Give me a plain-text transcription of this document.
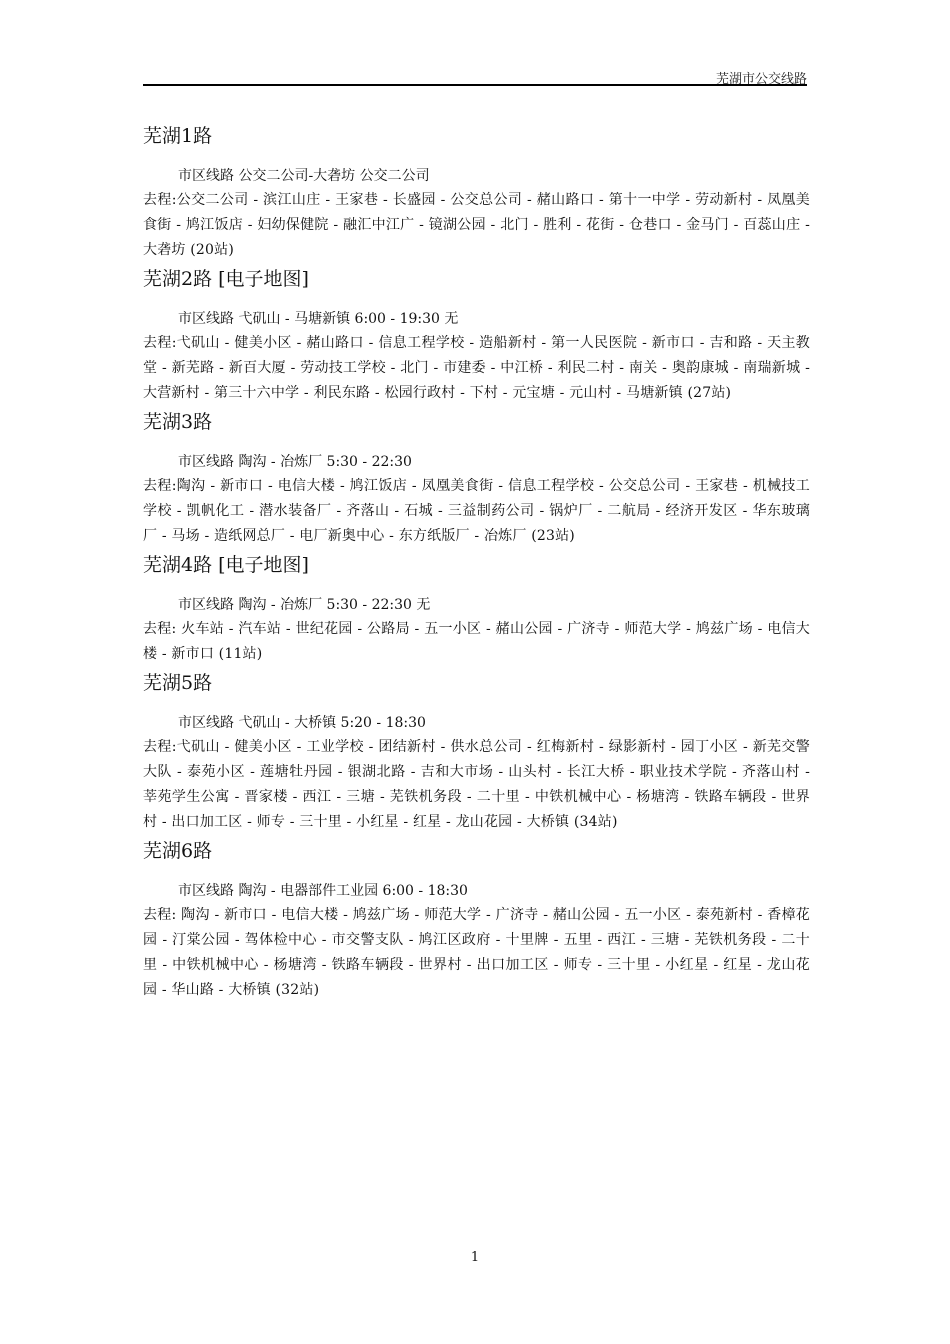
芜湖市公交线路
芜湖1路

市区线路 公交二公司-大砻坊 公交二公司

去程:公交二公司 - 滨江山庄 - 王家巷 - 长盛园 - 公交总公司 - 赭山路口 - 第十一中学 - 劳动新村 - 凤凰美食街 - 鸠江饭店 - 妇幼保健院 - 融汇中江广 - 镜湖公园 - 北门 - 胜利 - 花街 - 仓巷口 - 金马门 - 百蕊山庄 - 大砻坊 (20站)

芜湖2路 [电子地图]

市区线路 弋矶山 - 马塘新镇 6:00 - 19:30 无

去程:弋矶山 - 健美小区 - 赭山路口 - 信息工程学校 - 造船新村 - 第一人民医院 - 新市口 - 吉和路 - 天主教堂 - 新芜路 - 新百大厦 - 劳动技工学校 - 北门 - 市建委 - 中江桥 - 利民二村 - 南关 - 奥韵康城 - 南瑞新城 - 大营新村 - 第三十六中学 - 利民东路 - 松园行政村 - 下村 - 元宝塘 - 元山村 - 马塘新镇 (27站)

芜湖3路

市区线路 陶沟 - 冶炼厂 5:30 - 22:30

去程:陶沟 - 新市口 - 电信大楼 - 鸠江饭店 - 凤凰美食街 - 信息工程学校 - 公交总公司 - 王家巷 - 机械技工学校 - 凯帆化工 - 潜水装备厂 - 齐落山 - 石城 - 三益制药公司 - 锅炉厂 - 二航局 - 经济开发区 - 华东玻璃厂 - 马场 - 造纸网总厂 - 电厂新奥中心 - 东方纸版厂 - 冶炼厂 (23站)

芜湖4路 [电子地图]

市区线路 陶沟 - 冶炼厂 5:30 - 22:30 无

去程: 火车站 - 汽车站 - 世纪花园 - 公路局 - 五一小区 - 赭山公园 - 广济寺 - 师范大学 - 鸠兹广场 - 电信大楼 - 新市口 (11站)

芜湖5路

市区线路 弋矶山 - 大桥镇 5:20 - 18:30

去程:弋矶山 - 健美小区 - 工业学校 - 团结新村 - 供水总公司 - 红梅新村 - 绿影新村 - 园丁小区 - 新芜交警大队 - 泰苑小区 - 莲塘牡丹园 - 银湖北路 - 吉和大市场 - 山头村 - 长江大桥 - 职业技术学院 - 齐落山村 - 莘苑学生公寓 - 晋家楼 - 西江 - 三塘 - 芜铁机务段 - 二十里 - 中铁机械中心 - 杨塘湾 - 铁路车辆段 - 世界村 - 出口加工区 - 师专 - 三十里 - 小红星 - 红星 - 龙山花园 - 大桥镇 (34站)

芜湖6路

市区线路 陶沟 - 电器部件工业园 6:00 - 18:30

去程: 陶沟 - 新市口 - 电信大楼 - 鸠兹广场 - 师范大学 - 广济寺 - 赭山公园 - 五一小区 - 泰苑新村 - 香樟花园 - 汀棠公园 - 驾体检中心 - 市交警支队 - 鸠江区政府 - 十里牌 - 五里 - 西江 - 三塘 - 芜铁机务段 - 二十里 - 中铁机械中心 - 杨塘湾 - 铁路车辆段 - 世界村 - 出口加工区 - 师专 - 三十里 - 小红星 - 红星 - 龙山花园 - 华山路 - 大桥镇 (32站)

1
